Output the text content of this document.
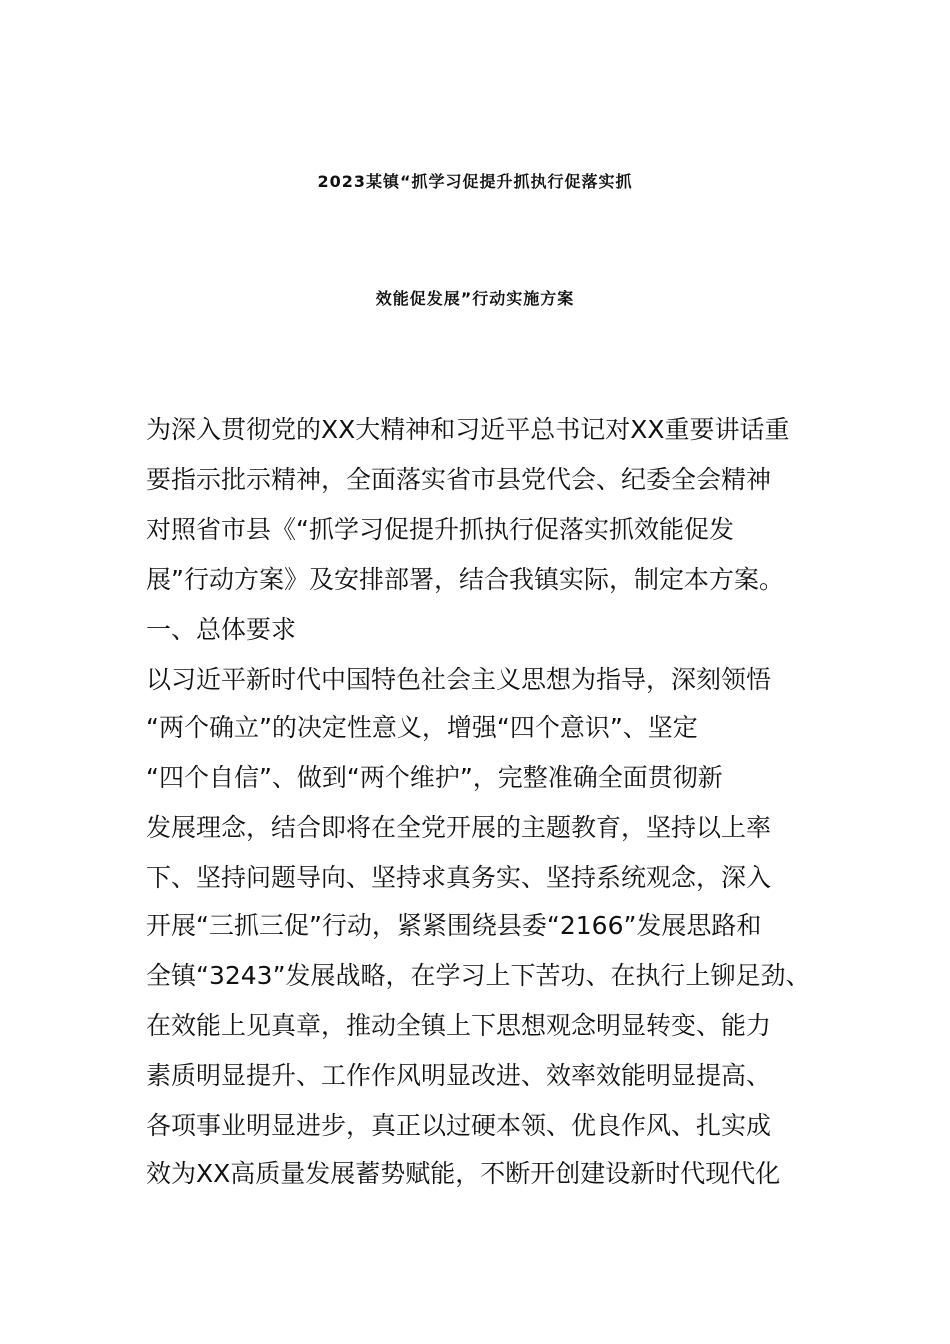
2023某镇“抓学习促提升抓执行促落实抓
效能促发展”行动实施方案
为深入贯彻党的XX大精神和习近平总书记对XX重要讲话重
要指示批示精神，全面落实省市县党代会、纪委全会精神
对照省市县《“抓学习促提升抓执行促落实抓效能促发
展”行动方案》及安排部署，结合我镇实际，制定本方案。
一、总体要求
以习近平新时代中国特色社会主义思想为指导，深刻领悟
“两个确立”的决定性意义，增强“四个意识”、坚定
“四个自信”、做到“两个维护”，完整准确全面贯彻新
发展理念，结合即将在全党开展的主题教育，坚持以上率
下、坚持问题导向、坚持求真务实、坚持系统观念，深入
开展“三抓三促”行动，紧紧围绕县委“2166”发展思路和
全镇“3243”发展战略，在学习上下苦功、在执行上铆足劲、
在效能上见真章，推动全镇上下思想观念明显转变、能力
素质明显提升、工作作风明显改进、效率效能明显提高、
各项事业明显进步，真正以过硬本领、优良作风、扎实成
效为XX高质量发展蓄势赋能，不断开创建设新时代现代化
